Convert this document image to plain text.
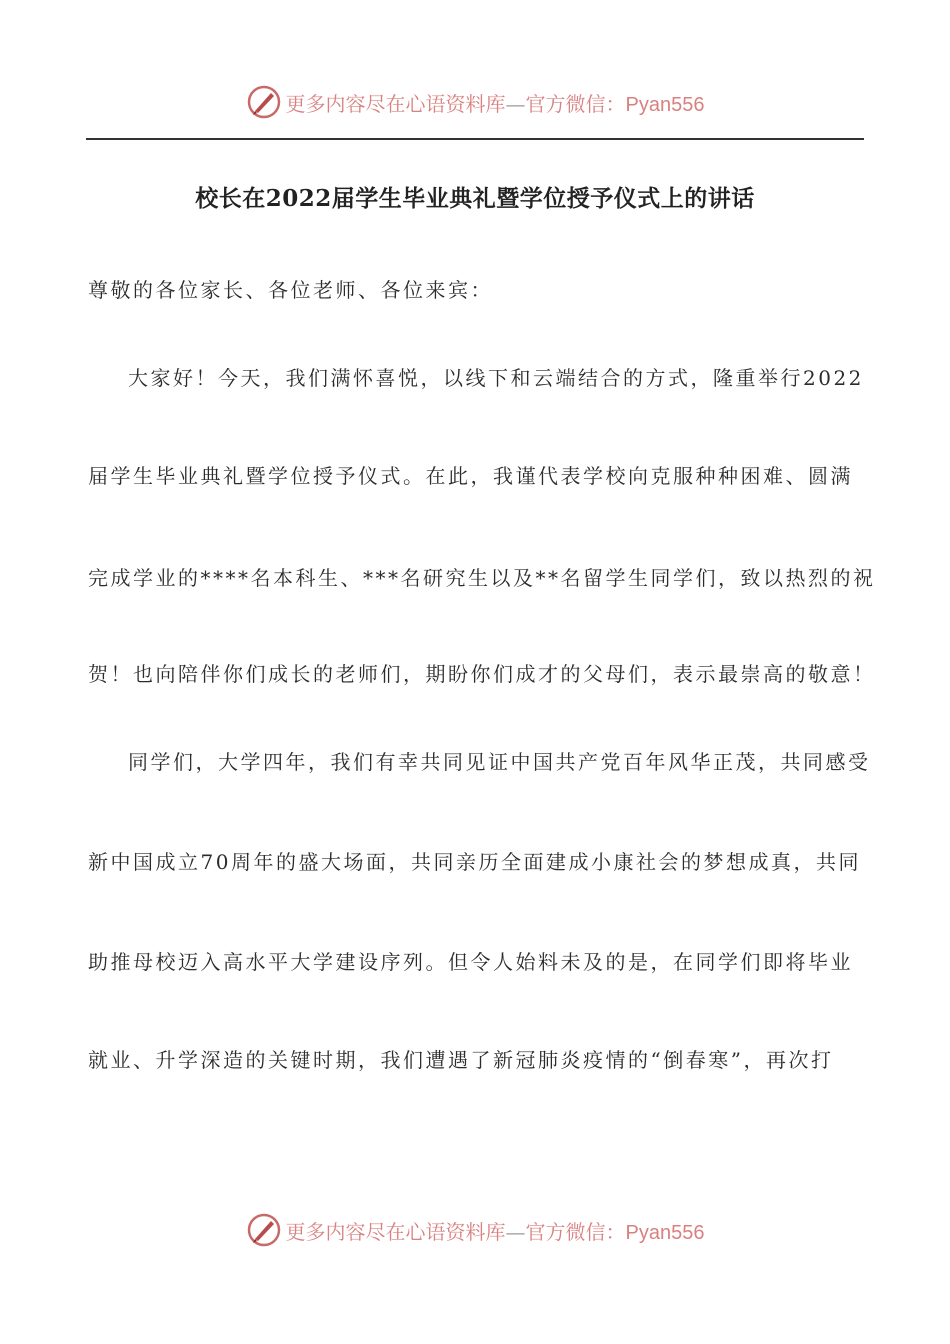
更多内容尽在心语资料库—官方微信：Pyan556
校长在2022届学生毕业典礼暨学位授予仪式上的讲话
尊敬的各位家长、各位老师、各位来宾：
大家好！今天，我们满怀喜悦，以线下和云端结合的方式，隆重举行2022
届学生毕业典礼暨学位授予仪式。在此，我谨代表学校向克服种种困难、圆满
完成学业的****名本科生、***名研究生以及**名留学生同学们，致以热烈的祝
贺！也向陪伴你们成长的老师们，期盼你们成才的父母们，表示最崇高的敬意！
同学们，大学四年，我们有幸共同见证中国共产党百年风华正茂，共同感受
新中国成立70周年的盛大场面，共同亲历全面建成小康社会的梦想成真，共同
助推母校迈入高水平大学建设序列。但令人始料未及的是，在同学们即将毕业
就业、升学深造的关键时期，我们遭遇了新冠肺炎疫情的“倒春寒”，再次打
更多内容尽在心语资料库—官方微信：Pyan556
